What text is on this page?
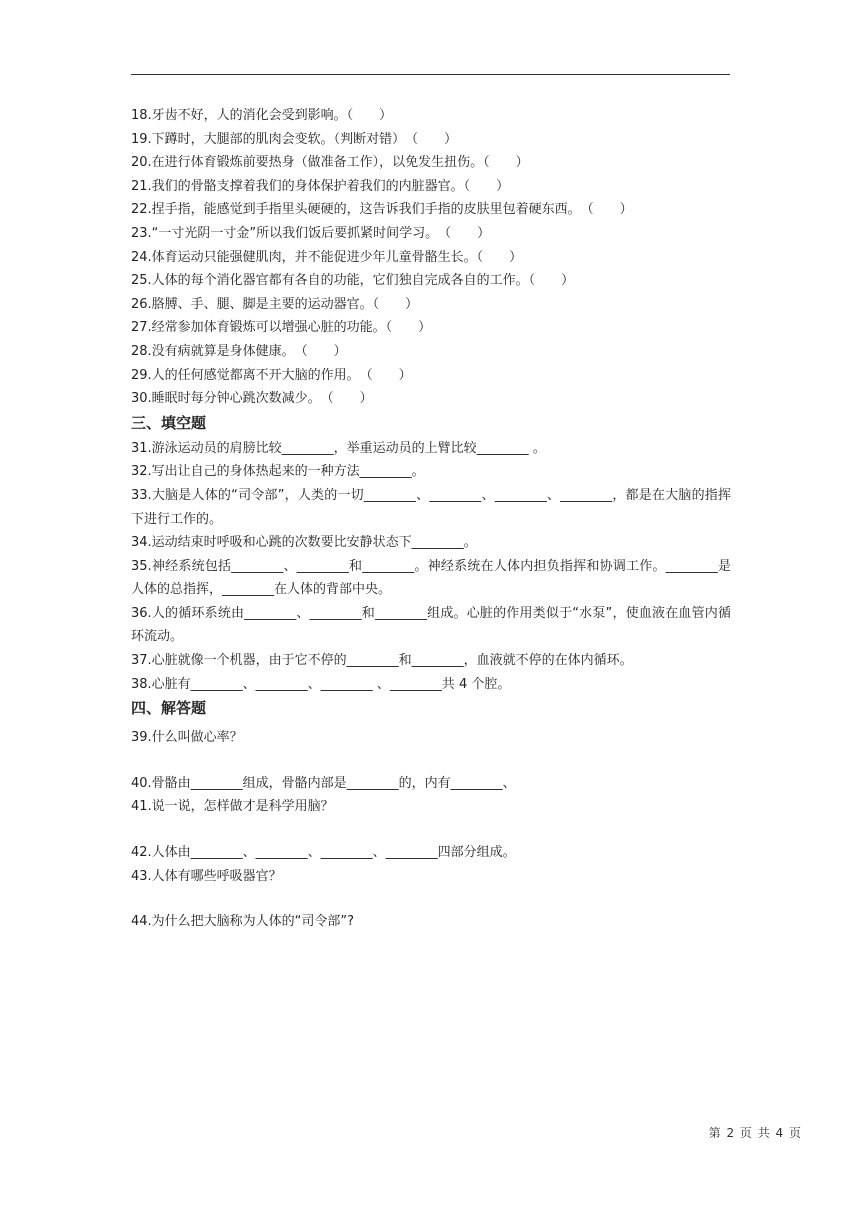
18.牙齿不好，人的消化会受到影响。（　　）

19.下蹲时，大腿部的肌肉会变软。（判断对错）　（　　）

20.在进行体育锻炼前要热身（做准备工作），以免发生扭伤。（　　）

21.我们的骨骼支撑着我们的身体保护着我们的内脏器官。（　　）

22.捏手指，能感觉到手指里头硬硬的，这告诉我们手指的皮肤里包着硬东西。　（　　）

23.“一寸光阴一寸金”所以我们饭后要抓紧时间学习。　（　　）

24.体育运动只能强健肌肉，并不能促进少年儿童骨骼生长。（　　）

25.人体的每个消化器官都有各自的功能，它们独自完成各自的工作。（　　）

26.胳膊、手、腿、脚是主要的运动器官。（　　）

27.经常参加体育锻炼可以增强心脏的功能。（　　）

28.没有病就算是身体健康。　（　　）

29.人的任何感觉都离不开大脑的作用。　（　　）

30.睡眠时每分钟心跳次数减少。　（　　）

三、填空题

31.游泳运动员的肩膀比较________，举重运动员的上臂比较________ 。

32.写出让自己的身体热起来的一种方法________。

33.大脑是人体的“司令部”，人类的一切________、________、________、________，都是在大脑的指挥下进行工作的。

34.运动结束时呼吸和心跳的次数要比安静状态下________。

35.神经系统包括________、________和________。神经系统在人体内担负指挥和协调工作。________是人体的总指挥，________在人体的背部中央。

36.人的循环系统由________、________和________组成。心脏的作用类似于“水泵”，使血液在血管内循环流动。

37.心脏就像一个机器，由于它不停的________和________，血液就不停的在体内循环。

38.心脏有________、________、________ 、________共 4 个腔。

四、解答题

39.什么叫做心率？

40.骨骼由________组成，骨骼内部是________的，内有________、

41.说一说，怎样做才是科学用脑？

42.人体由________、________、________、________四部分组成。

43.人体有哪些呼吸器官？

44.为什么把大脑称为人体的“司令部”?

第 2 页 共 4 页
